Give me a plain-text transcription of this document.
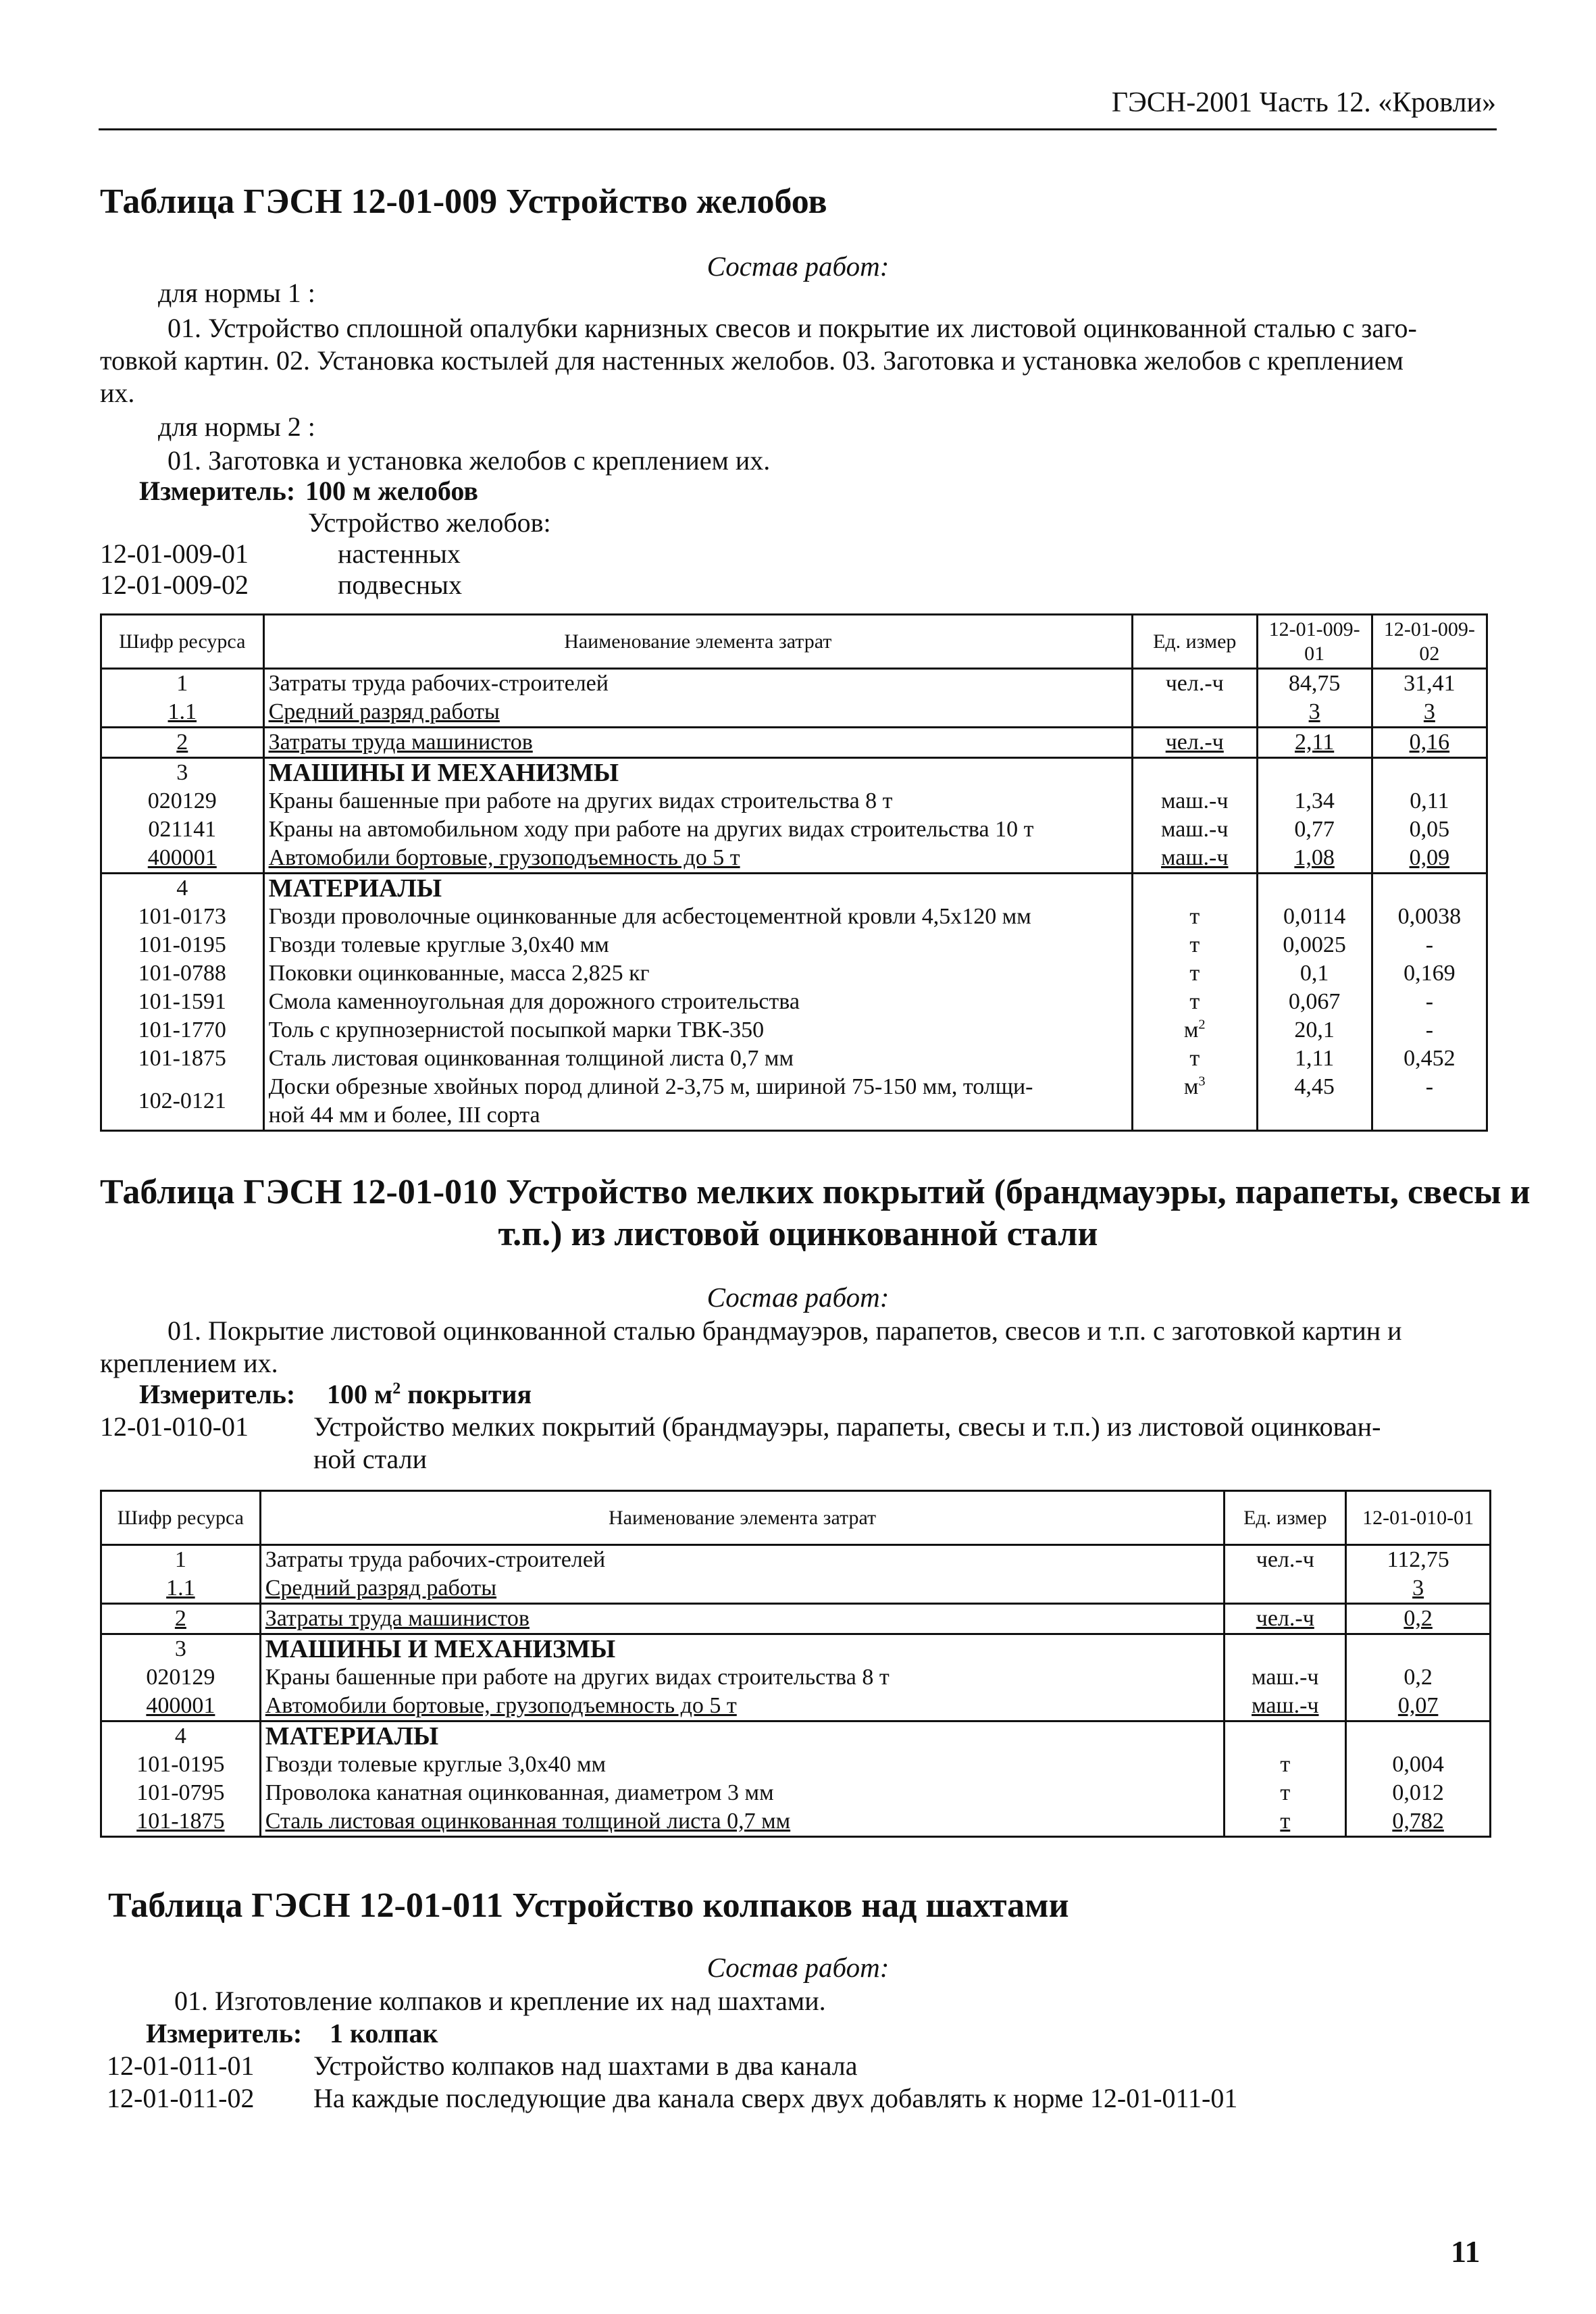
ГЭСН-2001 Часть 12. «Кровли»
Таблица ГЭСН 12-01-009 Устройство желобов
Состав работ:
для нормы 1 :
01. Устройство сплошной опалубки карнизных свесов и покрытие их листовой оцинкованной сталью с заго-
товкой картин. 02. Установка костылей для настенных желобов. 03. Заготовка и установка желобов с креплением
их.
для нормы 2 :
01. Заготовка и установка желобов с креплением их.
Измеритель: 100 м желобов
Устройство желобов:
12-01-009-01	настенных
12-01-009-02	подвесных
Шифр ресурса	Наименование элемента затрат	Ед. измер	12-01-009-01	12-01-009-02
1	Затраты труда рабочих-строителей	чел.-ч	84,75	31,41
1.1	Средний разряд работы		3	3
2	Затраты труда машинистов	чел.-ч	2,11	0,16
3	МАШИНЫ И МЕХАНИЗМЫ			
020129	Краны башенные при работе на других видах строительства 8 т	маш.-ч	1,34	0,11
021141	Краны на автомобильном ходу при работе на других видах строительства 10 т	маш.-ч	0,77	0,05
400001	Автомобили бортовые, грузоподъемность до 5 т	маш.-ч	1,08	0,09
4	МАТЕРИАЛЫ			
101-0173	Гвозди проволочные оцинкованные для асбестоцементной кровли 4,5х120 мм	т	0,0114	0,0038
101-0195	Гвозди толевые круглые 3,0х40 мм	т	0,0025	-
101-0788	Поковки оцинкованные, масса 2,825 кг	т	0,1	0,169
101-1591	Смола каменноугольная для дорожного строительства	т	0,067	-
101-1770	Толь с крупнозернистой посыпкой марки ТВК-350	$м^2$	20,1	-
101-1875	Сталь листовая оцинкованная толщиной листа 0,7 мм	т	1,11	0,452
102-0121	Доски обрезные хвойных пород длиной 2-3,75 м, шириной 75-150 мм, толщи-
ной 44 мм и более, III сорта	$м^3$	4,45	-
Таблица ГЭСН 12-01-010 Устройство мелких покрытий (брандмауэры, парапеты, свесы и
т.п.) из листовой оцинкованной стали
Состав работ:
01. Покрытие листовой оцинкованной сталью брандмауэров, парапетов, свесов и т.п. с заготовкой картин и
креплением их.
Измеритель: 100 $м^2$ покрытия
12-01-010-01 Устройство мелких покрытий (брандмауэры, парапеты, свесы и т.п.) из листовой оцинкован-
ной стали
Шифр ресурса	Наименование элемента затрат	Ед. измер	12-01-010-01
1	Затраты труда рабочих-строителей	чел.-ч	112,75
1.1	Средний разряд работы		3
2	Затраты труда машинистов	чел.-ч	0,2
3	МАШИНЫ И МЕХАНИЗМЫ		
020129	Краны башенные при работе на других видах строительства 8 т	маш.-ч	0,2
400001	Автомобили бортовые, грузоподъемность до 5 т	маш.-ч	0,07
4	МАТЕРИАЛЫ		
101-0195	Гвозди толевые круглые 3,0х40 мм	т	0,004
101-0795	Проволока канатная оцинкованная, диаметром 3 мм	т	0,012
101-1875	Сталь листовая оцинкованная толщиной листа 0,7 мм	т	0,782
Таблица ГЭСН 12-01-011 Устройство колпаков над шахтами
Состав работ:
01. Изготовление колпаков и крепление их над шахтами.
Измеритель: 1 колпак
12-01-011-01 Устройство колпаков над шахтами в два канала
12-01-011-02 На каждые последующие два канала сверх двух добавлять к норме 12-01-011-01
11
